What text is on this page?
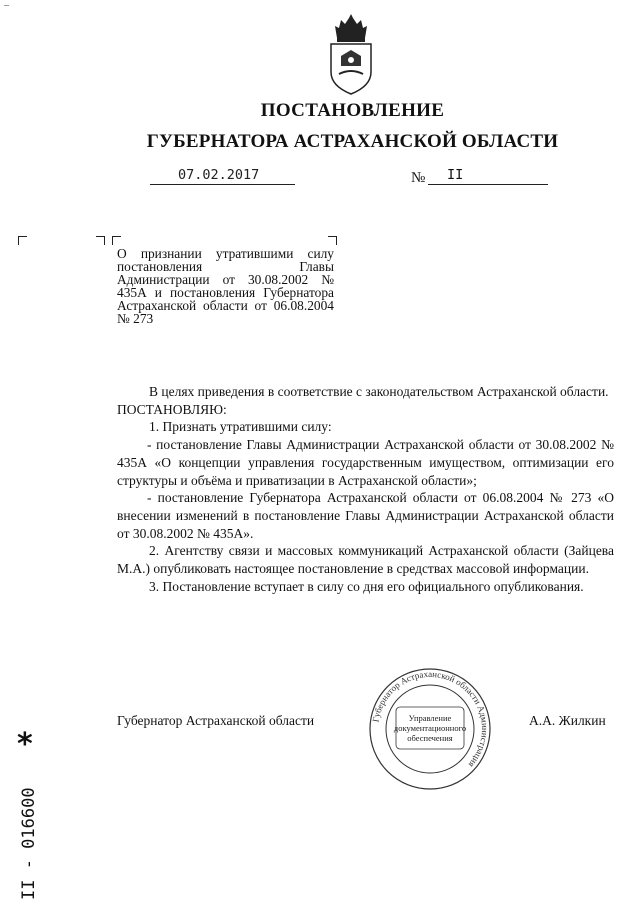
–
ПОСТАНОВЛЕНИЕ
ГУБЕРНАТОРА АСТРАХАНСКОЙ ОБЛАСТИ
07.02.2017	№ II
О признании утратившими силу постановления Главы Администрации от 30.08.2002 № 435А и постановления Губернатора Астраханской области от 06.08.2004 № 273

В целях приведения в соответствие с законодательством Астраханской области.

ПОСТАНОВЛЯЮ:

1. Признать утратившими силу:

- постановление Главы Администрации Астраханской области от 30.08.2002 № 435А «О концепции управления государственным имуществом, оптимизации его структуры и объёма и приватизации в Астраханской области»;

- постановление Губернатора Астраханской области от 06.08.2004 № 273 «О внесении изменений в постановление Главы Администрации Астраханской области от 30.08.2002 № 435А».

2. Агентству связи и массовых коммуникаций Астраханской области (Зайцева М.А.) опубликовать настоящее постановление в средствах массовой информации.

3. Постановление вступает в силу со дня его официального опубликования.

Губернатор Астраханской области	А.А. Жилкин
Губернатор Астраханской области Администрация
Управление
документационного
обеспечения
*
II - 016600
